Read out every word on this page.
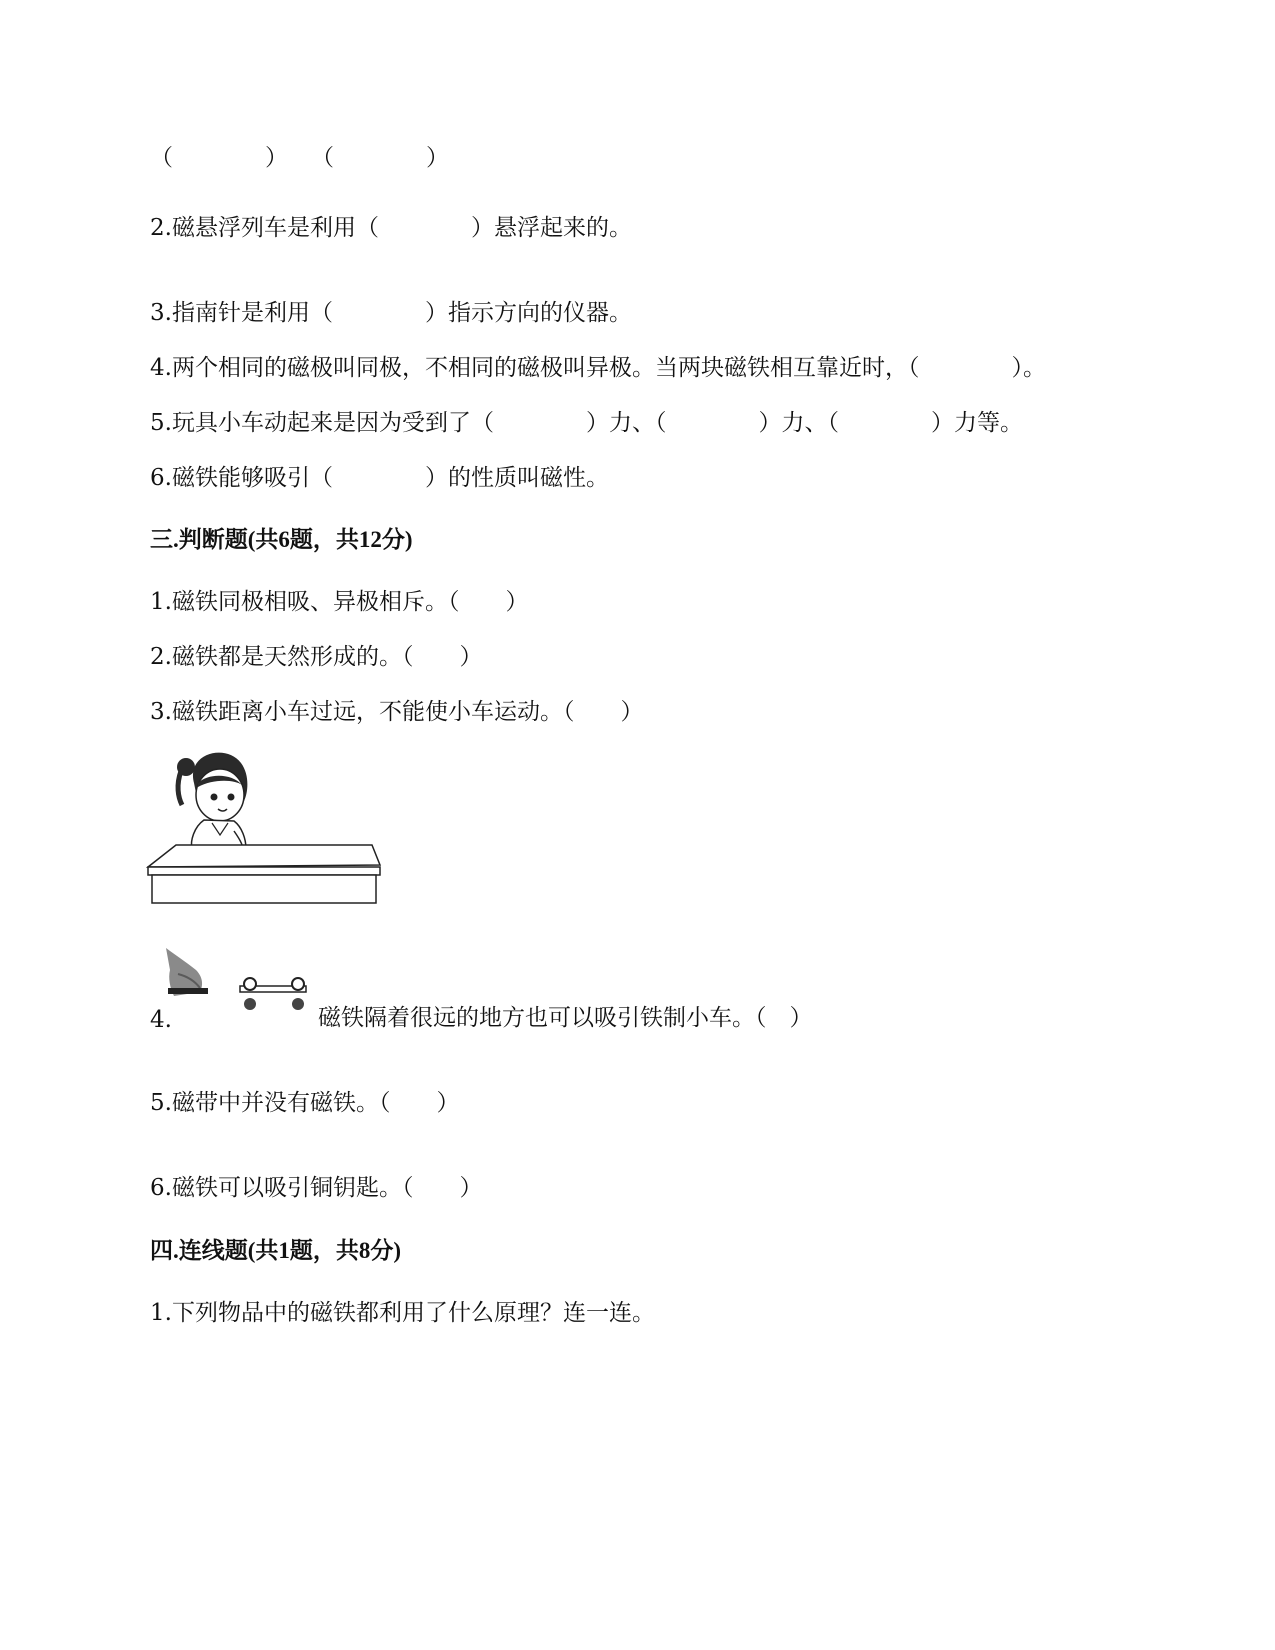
（　　　　）　　（　　　　）
2.磁悬浮列车是利用（　　　　）悬浮起来的。
3.指南针是利用（　　　　）指示方向的仪器。
4.两个相同的磁极叫同极，不相同的磁极叫异极。当两块磁铁相互靠近时，（　　　　）。
5.玩具小车动起来是因为受到了（　　　　）力、（　　　　）力、（　　　　）力等。
6.磁铁能够吸引（　　　　）的性质叫磁性。
三.判断题(共6题，共12分)
1.磁铁同极相吸、异极相斥。（　　）
2.磁铁都是天然形成的。（　　）
3.磁铁距离小车过远，不能使小车运动。（　　）
4.	磁铁隔着很远的地方也可以吸引铁制小车。（　）
5.磁带中并没有磁铁。（　　）
6.磁铁可以吸引铜钥匙。（　　）
四.连线题(共1题，共8分)
1.下列物品中的磁铁都利用了什么原理？连一连。
